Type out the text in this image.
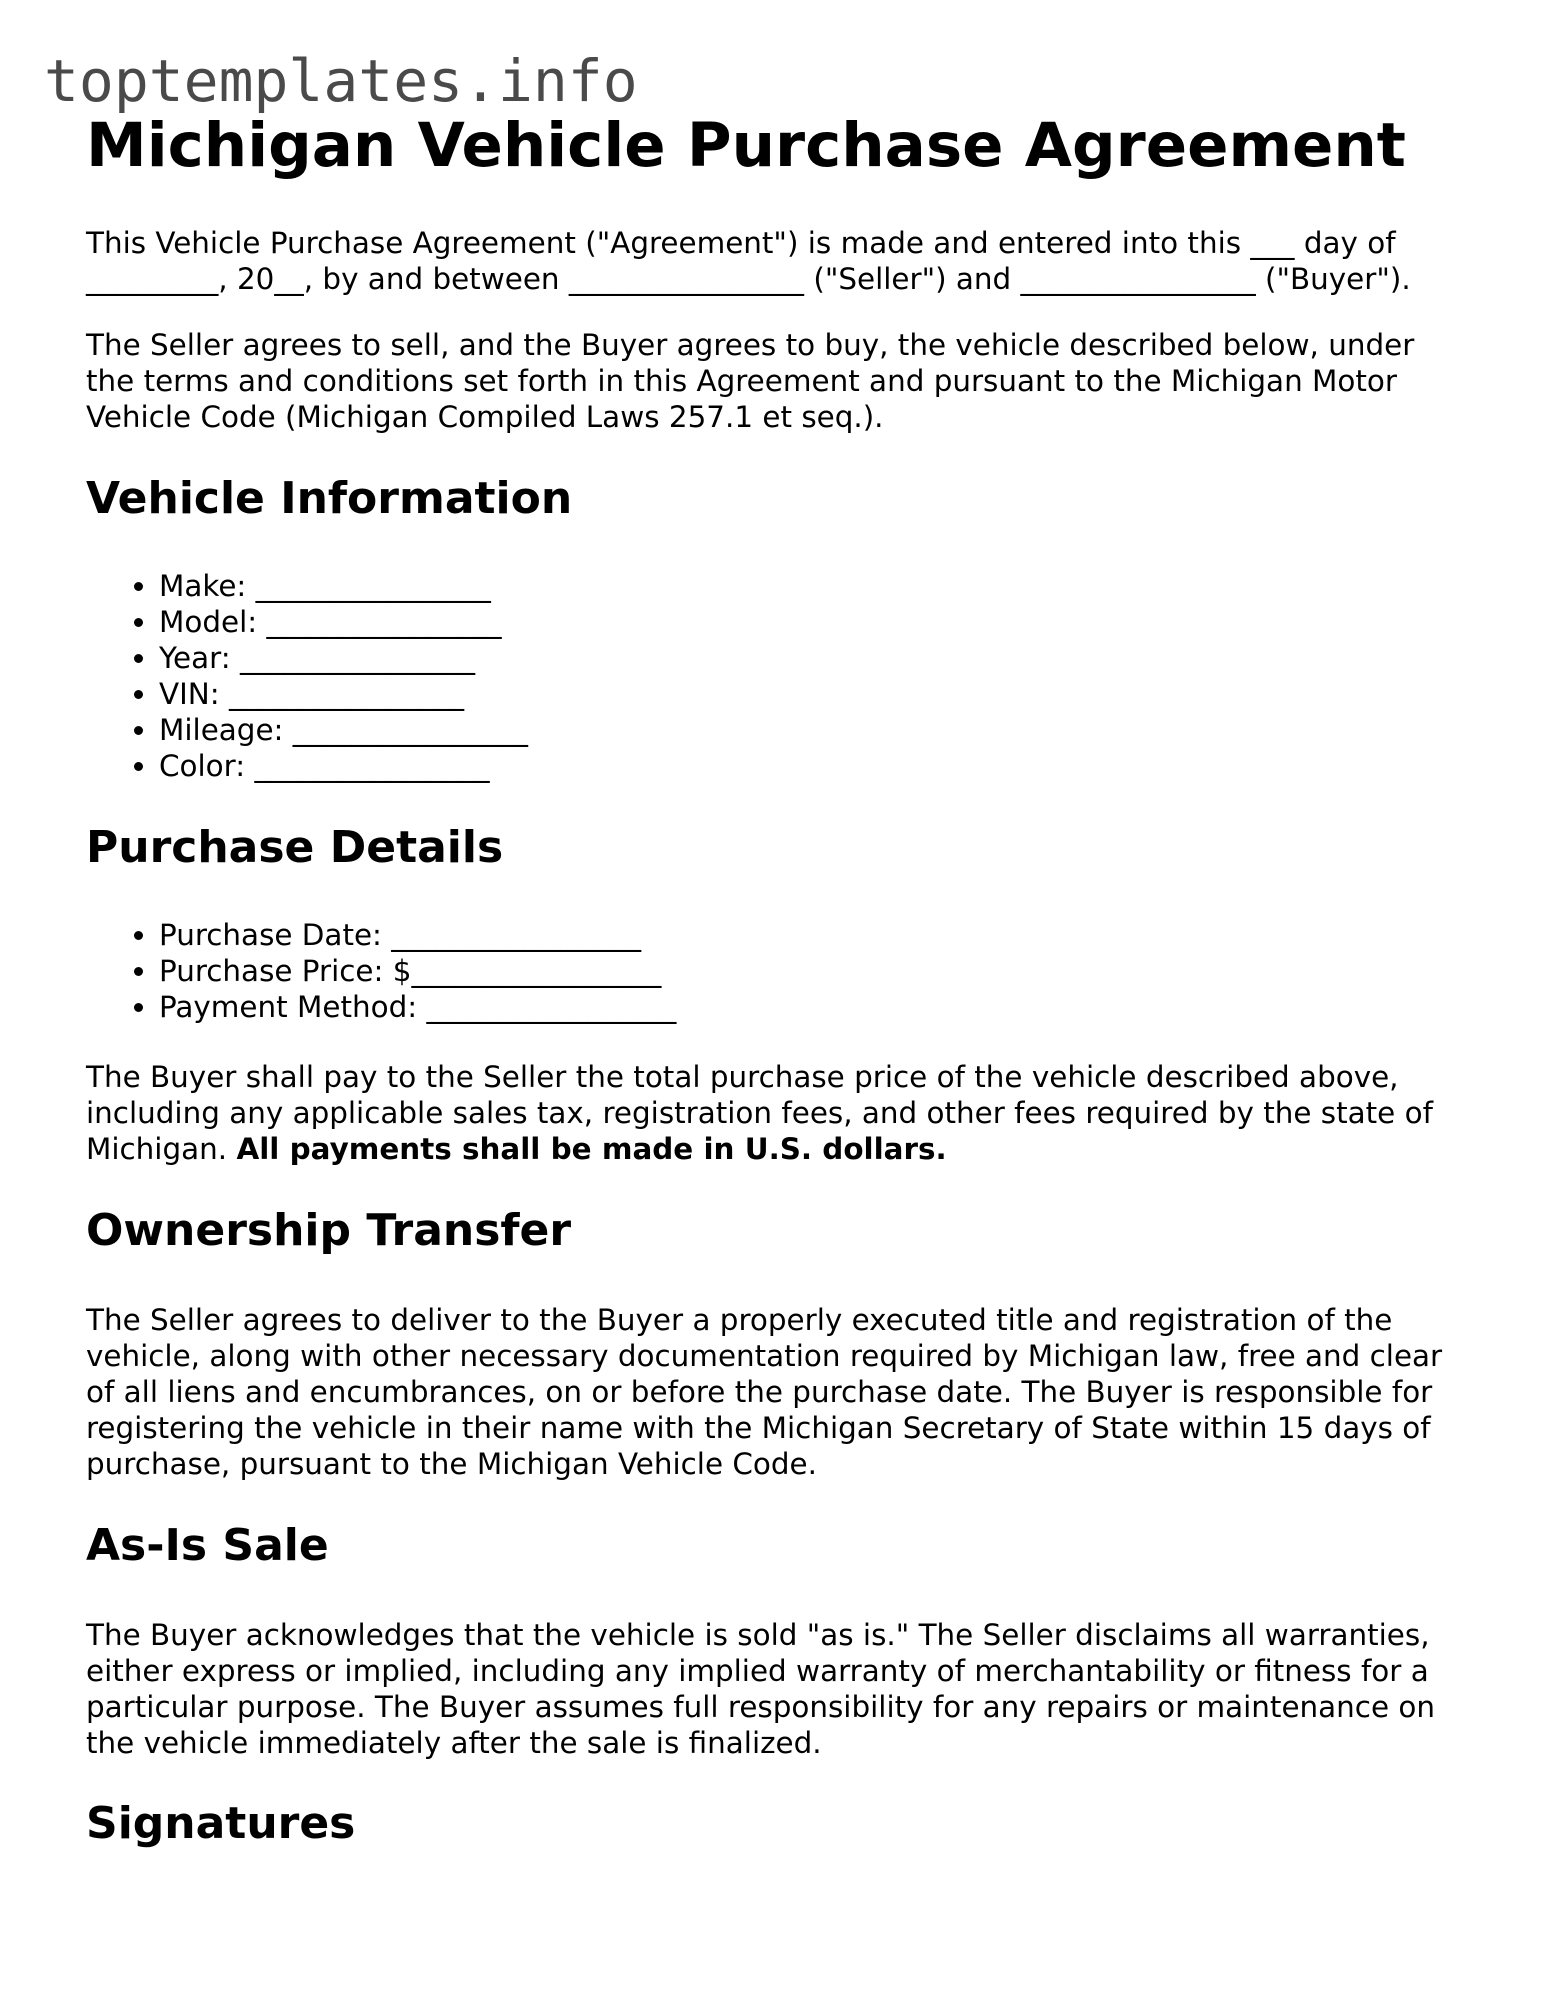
toptemplates.info
Michigan Vehicle Purchase Agreement

This Vehicle Purchase Agreement ("Agreement") is made and entered into this ___ day of _________, 20__, by and between ________________ ("Seller") and ________________ ("Buyer").

The Seller agrees to sell, and the Buyer agrees to buy, the vehicle described below, under the terms and conditions set forth in this Agreement and pursuant to the Michigan Motor Vehicle Code (Michigan Compiled Laws 257.1 et seq.).

Vehicle Information
• Make: ________________
• Model: ________________
• Year: ________________
• VIN: ________________
• Mileage: ________________
• Color: ________________
Purchase Details
• Purchase Date: _________________
• Purchase Price: $_________________
• Payment Method: _________________

The Buyer shall pay to the Seller the total purchase price of the vehicle described above, including any applicable sales tax, registration fees, and other fees required by the state of Michigan. All payments shall be made in U.S. dollars.

Ownership Transfer

The Seller agrees to deliver to the Buyer a properly executed title and registration of the vehicle, along with other necessary documentation required by Michigan law, free and clear of all liens and encumbrances, on or before the purchase date. The Buyer is responsible for registering the vehicle in their name with the Michigan Secretary of State within 15 days of purchase, pursuant to the Michigan Vehicle Code.

As-Is Sale

The Buyer acknowledges that the vehicle is sold "as is." The Seller disclaims all warranties, either express or implied, including any implied warranty of merchantability or fitness for a particular purpose. The Buyer assumes full responsibility for any repairs or maintenance on the vehicle immediately after the sale is finalized.

Signatures
